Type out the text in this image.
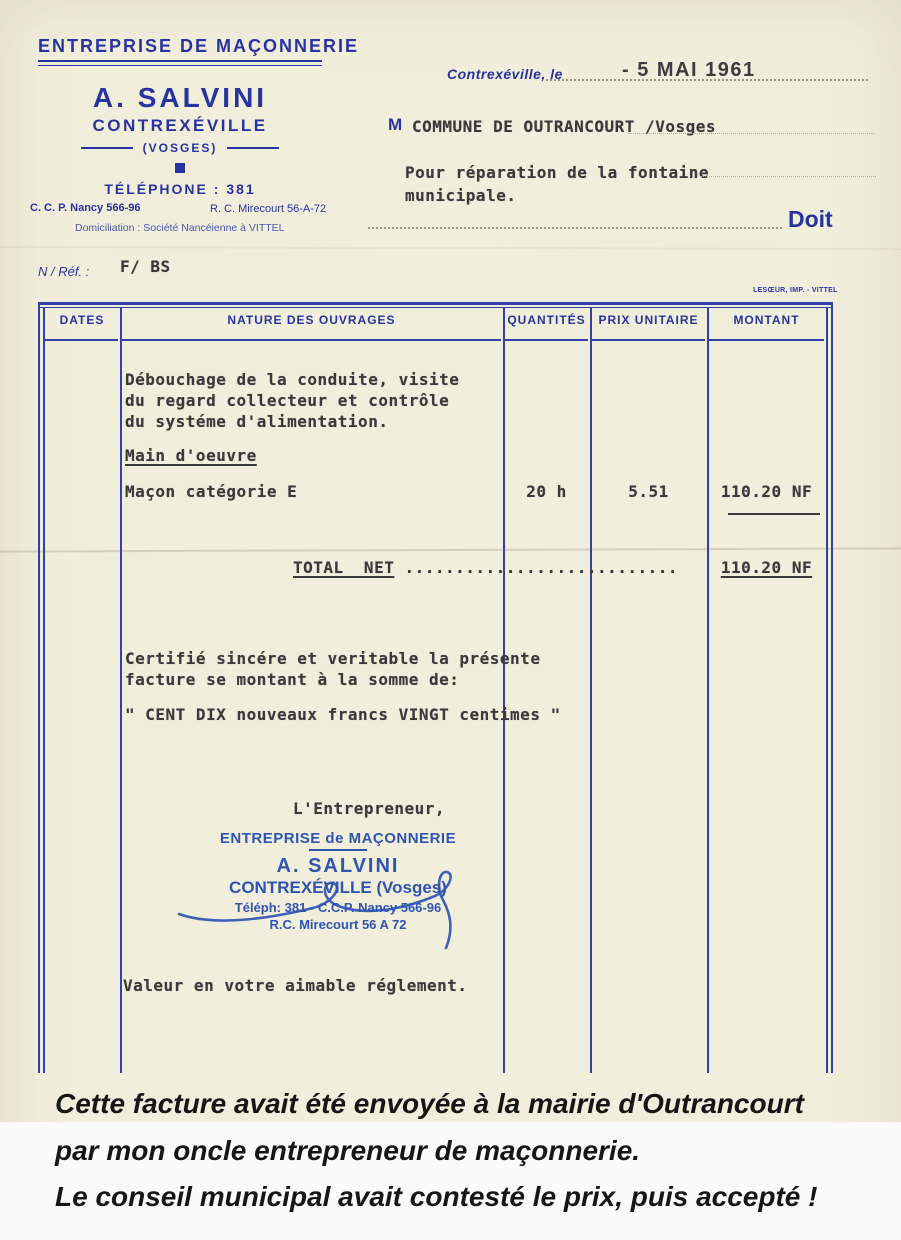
ENTREPRISE DE MAÇONNERIE
A. SALVINI
CONTREXÉVILLE
(VOSGES)
TÉLÉPHONE : 381
C. C. P. Nancy 566-96	R. C. Mirecourt 56-A-72
Domiciliation : Société Nancéienne à VITTEL
Contrexéville, le	- 5 MAI 1961
M COMMUNE DE OUTRANCOURT /Vosges
Pour réparation de la fontaine
municipale.
Doit
N / Réf. : F/ BS
LESŒUR, IMP. - VITTEL
DATES	NATURE DES OUVRAGES	QUANTITÉS	PRIX UNITAIRE	MONTANT
Débouchage de la conduite, visite
du regard collecteur et contrôle
du systéme d'alimentation.
Main d'oeuvre
Maçon catégorie E	20 h	5.51	110.20 NF
TOTAL  NET ...........................	110.20 NF
Certifié sincére et veritable la présente
facture se montant à la somme de:
" CENT DIX nouveaux francs VINGT centimes "
L'Entrepreneur,
ENTREPRISE de MAÇONNERIE
A. SALVINI
CONTREXÉVILLE (Vosges)
Téléph: 381 - C.C.P. Nancy 566-96
R.C. Mirecourt 56 A 72
Valeur en votre aimable réglement.
Cette facture avait été envoyée à la mairie d'Outrancourt
par mon oncle entrepreneur de maçonnerie.
Le conseil municipal avait contesté le prix, puis accepté !
